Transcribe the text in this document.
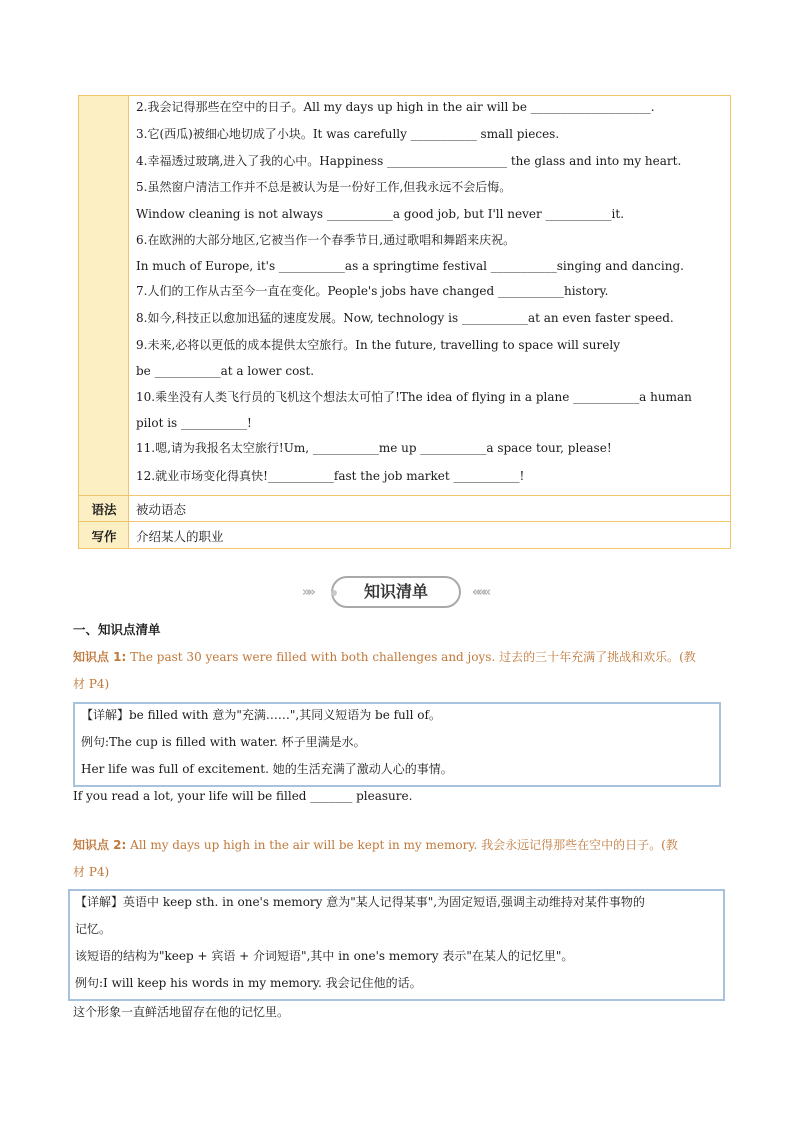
2.我会记得那些在空中的日子。All my days up high in the air will be ____________________.
3.它(西瓜)被细心地切成了小块。It was carefully ___________ small pieces.
4.幸福透过玻璃,进入了我的心中。Happiness ____________________ the glass and into my heart.
5.虽然窗户清洁工作并不总是被认为是一份好工作,但我永远不会后悔。
Window cleaning is not always ___________a good job, but I'll never ___________it.
6.在欧洲的大部分地区,它被当作一个春季节日,通过歌唱和舞蹈来庆祝。
In much of Europe, it's ___________as a springtime festival ___________singing and dancing.
7.人们的工作从古至今一直在变化。People's jobs have changed ___________history.
8.如今,科技正以愈加迅猛的速度发展。Now, technology is ___________at an even faster speed.
9.未来,必将以更低的成本提供太空旅行。In the future, travelling to space will surely
be ___________at a lower cost.
10.乘坐没有人类飞行员的飞机这个想法太可怕了!The idea of flying in a plane ___________a human
pilot is ___________!
11.嗯,请为我报名太空旅行!Um, ___________me up ___________a space tour, please!
12.就业市场变化得真快!___________fast the job market ___________!
语法	被动语态
写作	介绍某人的职业
»»	知识清单	«««
一、知识点清单
知识点 1: The past 30 years were filled with both challenges and joys. 过去的三十年充满了挑战和欢乐。(教
材 P4)
【详解】be filled with 意为"充满……",其同义短语为 be full of。
例句:The cup is filled with water. 杯子里满是水。
Her life was full of excitement. 她的生活充满了激动人心的事情。
If you read a lot, your life will be filled _______ pleasure.
知识点 2: All my days up high in the air will be kept in my memory. 我会永远记得那些在空中的日子。(教
材 P4)
【详解】英语中 keep sth. in one's memory 意为"某人记得某事",为固定短语,强调主动维持对某件事物的
记忆。
该短语的结构为"keep + 宾语 + 介词短语",其中 in one's memory 表示"在某人的记忆里"。
例句:I will keep his words in my memory. 我会记住他的话。
这个形象一直鲜活地留存在他的记忆里。
